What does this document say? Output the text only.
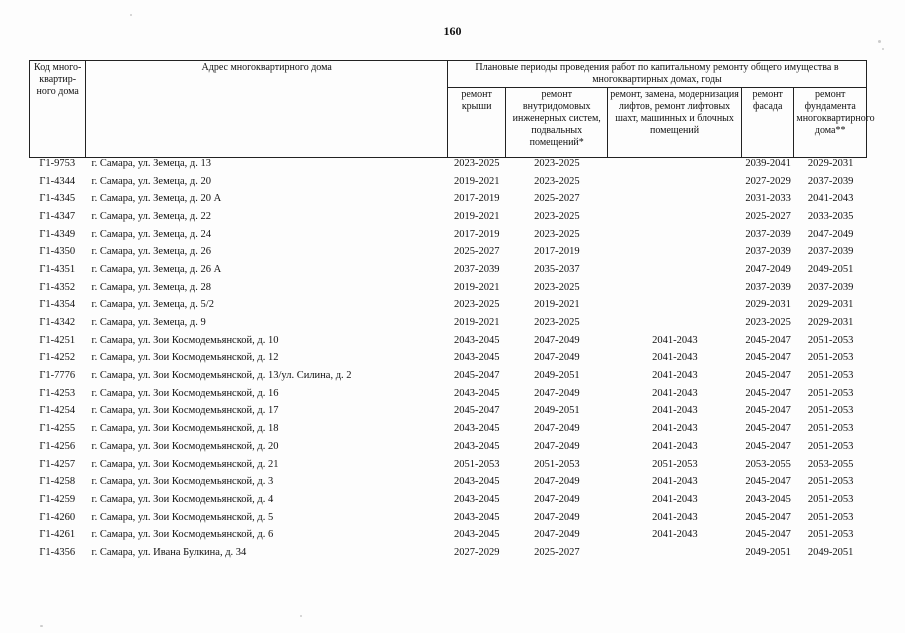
160
Код много-квартир-ного дома	Адрес многоквартирного дома	Плановые периоды проведения работ по капитальному ремонту общего имущества в многоквартирных домах, годы				
		ремонт крыши	ремонт внутридомовых инженерных систем, подвальных помещений*	ремонт, замена, модернизация лифтов, ремонт лифтовых шахт, машинных и блочных помещений	ремонт фасада	ремонт фундамента многоквартирного дома**
Г1-9753	г. Самара, ул. Земеца, д. 13	2023-2025	2023-2025		2039-2041	2029-2031
Г1-4344	г. Самара, ул. Земеца, д. 20	2019-2021	2023-2025		2027-2029	2037-2039
Г1-4345	г. Самара, ул. Земеца, д. 20 А	2017-2019	2025-2027		2031-2033	2041-2043
Г1-4347	г. Самара, ул. Земеца, д. 22	2019-2021	2023-2025		2025-2027	2033-2035
Г1-4349	г. Самара, ул. Земеца, д. 24	2017-2019	2023-2025		2037-2039	2047-2049
Г1-4350	г. Самара, ул. Земеца, д. 26	2025-2027	2017-2019		2037-2039	2037-2039
Г1-4351	г. Самара, ул. Земеца, д. 26 А	2037-2039	2035-2037		2047-2049	2049-2051
Г1-4352	г. Самара, ул. Земеца, д. 28	2019-2021	2023-2025		2037-2039	2037-2039
Г1-4354	г. Самара, ул. Земеца, д. 5/2	2023-2025	2019-2021		2029-2031	2029-2031
Г1-4342	г. Самара, ул. Земеца, д. 9	2019-2021	2023-2025		2023-2025	2029-2031
Г1-4251	г. Самара, ул. Зои Космодемьянской, д. 10	2043-2045	2047-2049	2041-2043	2045-2047	2051-2053
Г1-4252	г. Самара, ул. Зои Космодемьянской, д. 12	2043-2045	2047-2049	2041-2043	2045-2047	2051-2053
Г1-7776	г. Самара, ул. Зои Космодемьянской, д. 13/ул. Силина, д. 2	2045-2047	2049-2051	2041-2043	2045-2047	2051-2053
Г1-4253	г. Самара, ул. Зои Космодемьянской, д. 16	2043-2045	2047-2049	2041-2043	2045-2047	2051-2053
Г1-4254	г. Самара, ул. Зои Космодемьянской, д. 17	2045-2047	2049-2051	2041-2043	2045-2047	2051-2053
Г1-4255	г. Самара, ул. Зои Космодемьянской, д. 18	2043-2045	2047-2049	2041-2043	2045-2047	2051-2053
Г1-4256	г. Самара, ул. Зои Космодемьянской, д. 20	2043-2045	2047-2049	2041-2043	2045-2047	2051-2053
Г1-4257	г. Самара, ул. Зои Космодемьянской, д. 21	2051-2053	2051-2053	2051-2053	2053-2055	2053-2055
Г1-4258	г. Самара, ул. Зои Космодемьянской, д. 3	2043-2045	2047-2049	2041-2043	2045-2047	2051-2053
Г1-4259	г. Самара, ул. Зои Космодемьянской, д. 4	2043-2045	2047-2049	2041-2043	2043-2045	2051-2053
Г1-4260	г. Самара, ул. Зои Космодемьянской, д. 5	2043-2045	2047-2049	2041-2043	2045-2047	2051-2053
Г1-4261	г. Самара, ул. Зои Космодемьянской, д. 6	2043-2045	2047-2049	2041-2043	2045-2047	2051-2053
Г1-4356	г. Самара, ул. Ивана Булкина, д. 34	2027-2029	2025-2027		2049-2051	2049-2051
